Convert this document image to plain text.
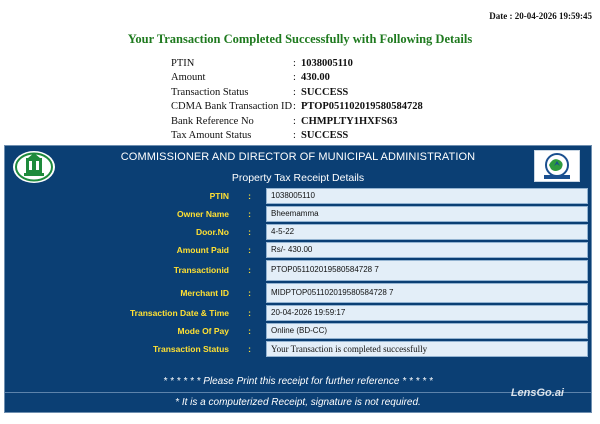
Date : 20-04-2026 19:59:45
Your Transaction Completed Successfully with Following Details
PTIN	:	1038005110
Amount	:	430.00
Transaction Status	:	SUCCESS
CDMA Bank Transaction ID	:	PTOP051102019580584728
Bank Reference No	:	CHMPLTY1HXFS63
Tax Amount Status	:	SUCCESS
COMMISSIONER AND DIRECTOR OF MUNICIPAL ADMINISTRATION
Property Tax Receipt Details
PTIN	:	1038005110
Owner Name	:	Bheemamma
Door.No	:	4-5-22
Amount Paid	:	Rs/- 430.00
Transactionid	:	PTOP051102019580584728 7
Merchant ID	:	MIDPTOP051102019580584728 7
Transaction Date & Time	:	20-04-2026 19:59:17
Mode Of Pay	:	Online (BD-CC)
Transaction Status	:	Your Transaction is completed successfully
* * * * * * Please Print this receipt for further reference * * * * *
* It is a computerized Receipt, signature is not required.
LensGo.ai
